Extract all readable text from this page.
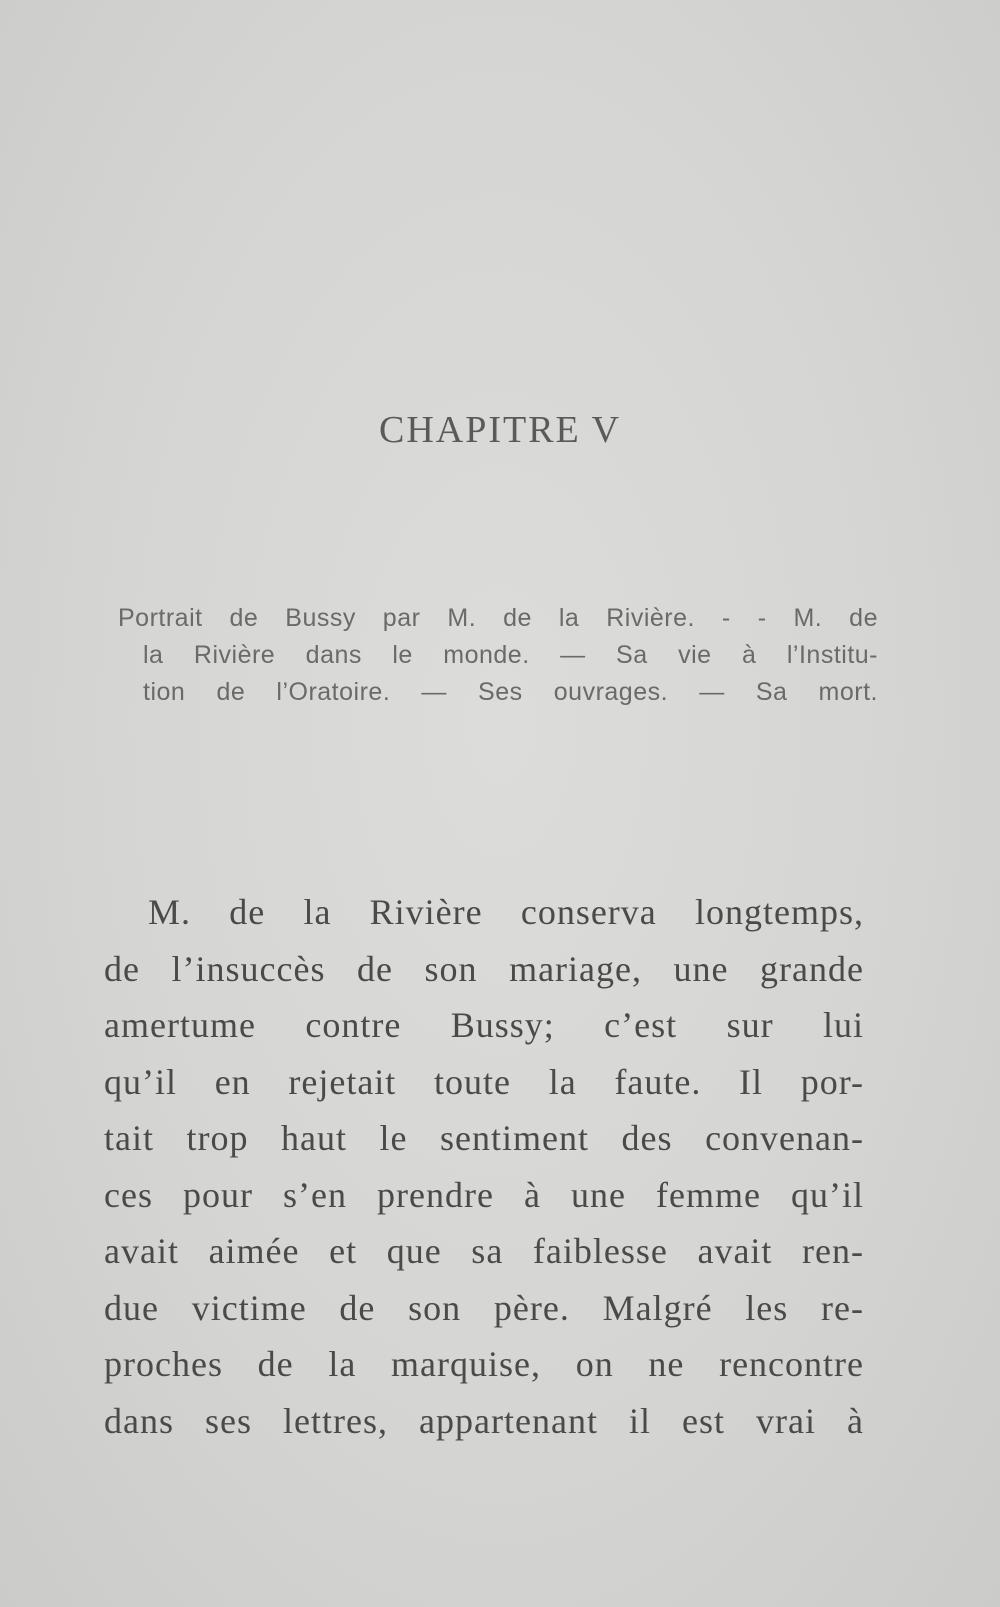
CHAPITRE V
Portrait de Bussy par M. de la Rivière. - - M. de
la Rivière dans le monde. — Sa vie à l’Institu-
tion de l’Oratoire. — Ses ouvrages. — Sa mort.
M. de la Rivière conserva longtemps,
de l’insuccès de son mariage, une grande
amertume contre Bussy; c’est sur lui
qu’il en rejetait toute la faute. Il por-
tait trop haut le sentiment des convenan-
ces pour s’en prendre à une femme qu’il
avait aimée et que sa faiblesse avait ren-
due victime de son père. Malgré les re-
proches de la marquise, on ne rencontre
dans ses lettres, appartenant il est vrai à
